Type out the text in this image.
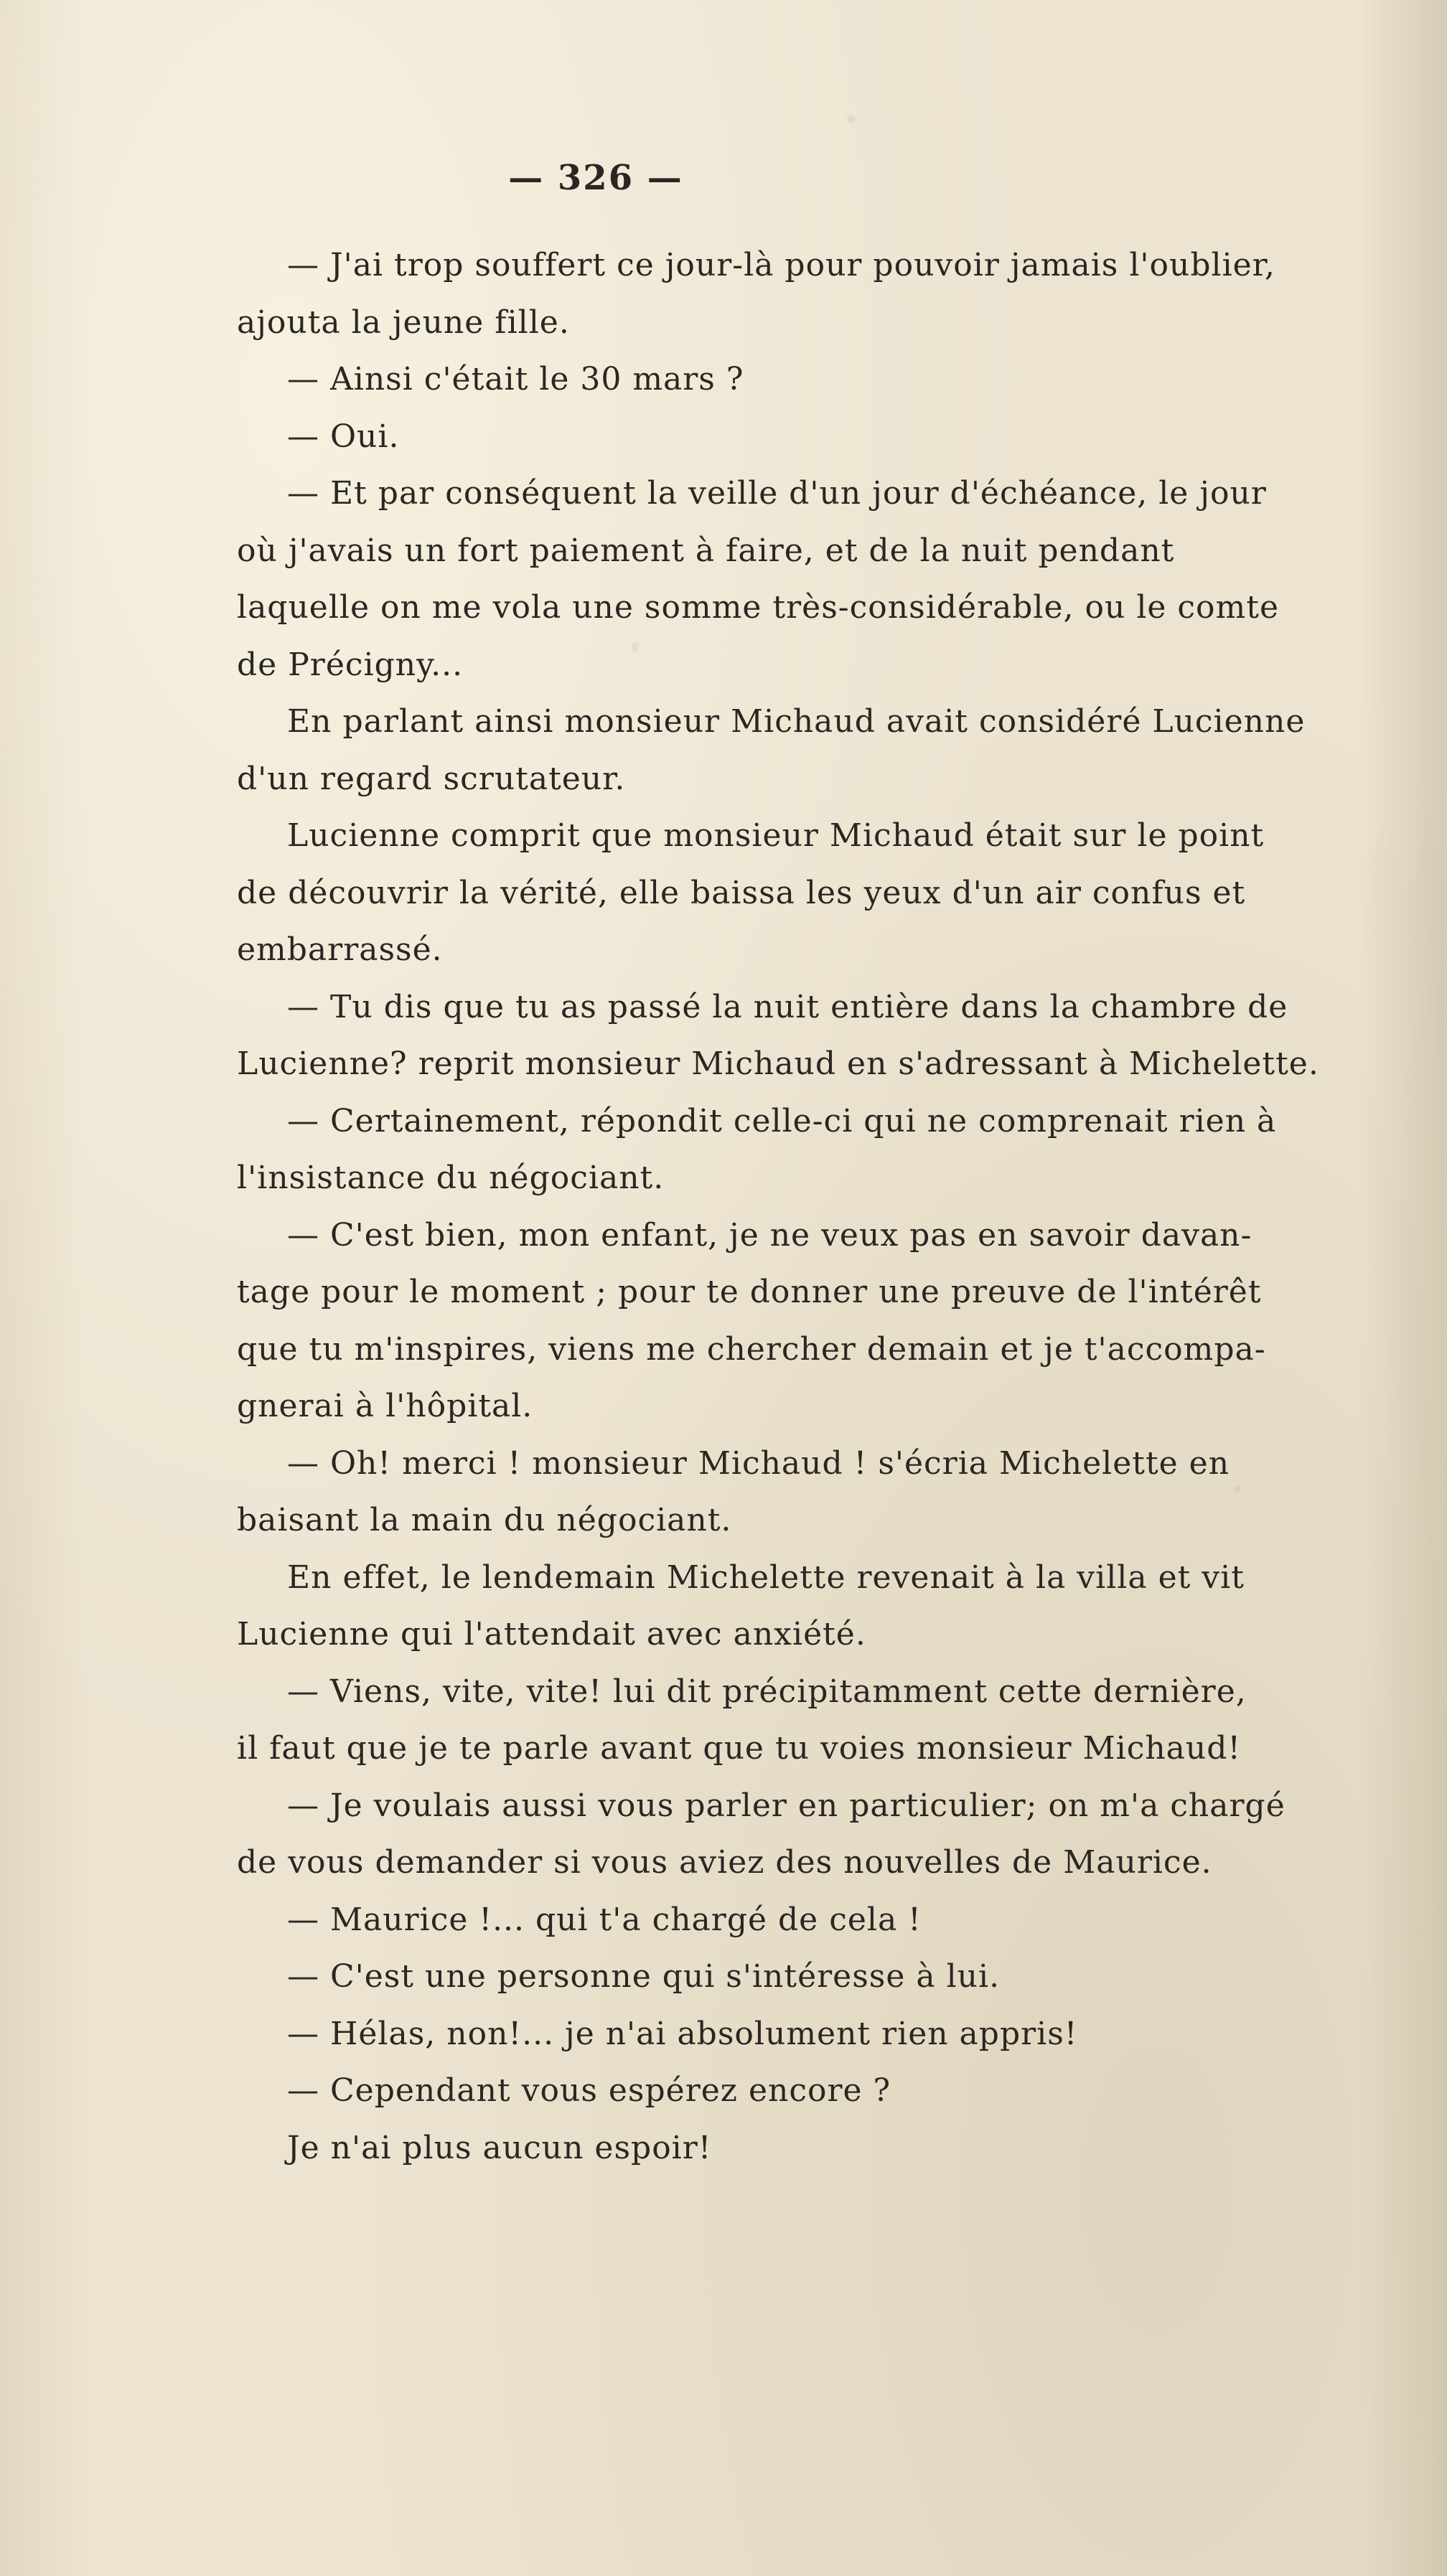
— 326 —
— J'ai trop souffert ce jour-là pour pouvoir jamais l'oublier,
ajouta la jeune fille.
— Ainsi c'était le 30 mars ?
— Oui.
— Et par conséquent la veille d'un jour d'échéance, le jour
où j'avais un fort paiement à faire, et de la nuit pendant
laquelle on me vola une somme très-considérable, ou le comte
de Précigny...
En parlant ainsi monsieur Michaud avait considéré Lucienne
d'un regard scrutateur.
Lucienne comprit que monsieur Michaud était sur le point
de découvrir la vérité, elle baissa les yeux d'un air confus et
embarrassé.
— Tu dis que tu as passé la nuit entière dans la chambre de
Lucienne? reprit monsieur Michaud en s'adressant à Michelette.
— Certainement, répondit celle-ci qui ne comprenait rien à
l'insistance du négociant.
— C'est bien, mon enfant, je ne veux pas en savoir davan-
tage pour le moment ; pour te donner une preuve de l'intérêt
que tu m'inspires, viens me chercher demain et je t'accompa-
gnerai à l'hôpital.
— Oh! merci ! monsieur Michaud ! s'écria Michelette en
baisant la main du négociant.
En effet, le lendemain Michelette revenait à la villa et vit
Lucienne qui l'attendait avec anxiété.
— Viens, vite, vite! lui dit précipitamment cette dernière,
il faut que je te parle avant que tu voies monsieur Michaud!
— Je voulais aussi vous parler en particulier; on m'a chargé
de vous demander si vous aviez des nouvelles de Maurice.
— Maurice !... qui t'a chargé de cela !
— C'est une personne qui s'intéresse à lui.
— Hélas, non!... je n'ai absolument rien appris!
— Cependant vous espérez encore ?
Je n'ai plus aucun espoir!
